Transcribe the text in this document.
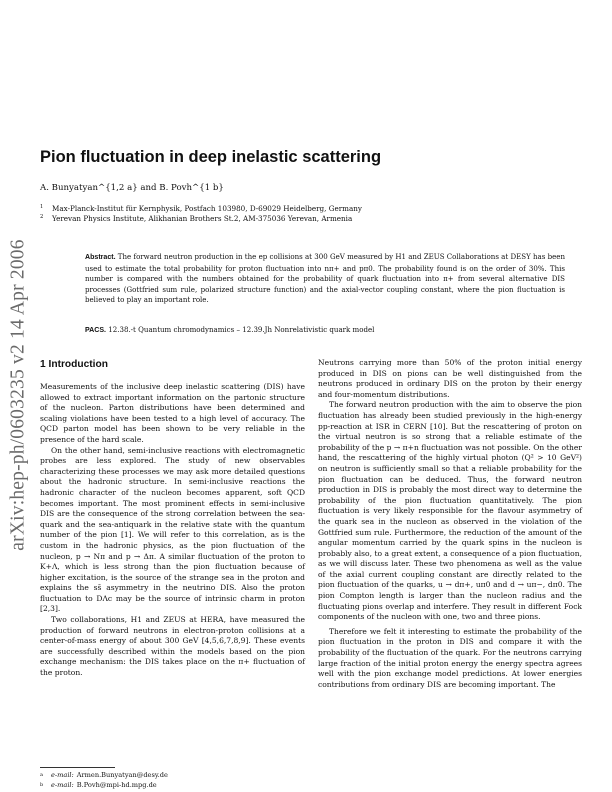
arXiv:hep-ph/0603235 v2 14 Apr 2006
Pion fluctuation in deep inelastic scattering
A. Bunyatyan^{1,2 a} and B. Povh^{1 b}
1	Max-Planck-Institut für Kernphysik, Postfach 103980, D-69029 Heidelberg, Germany
2	Yerevan Physics Institute, Alikhanian Brothers St.2, AM-375036 Yerevan, Armenia

Abstract. The forward neutron production in the ep collisions at 300 GeV measured by H1 and ZEUS Collaborations at DESY has been used to estimate the total probability for proton fluctuation into nπ+ and pπ0. The probability found is on the order of 30%. This number is compared with the numbers obtained for the probability of quark fluctuation into π+ from several alternative DIS processes (Gottfried sum rule, polarized structure function) and the axial-vector coupling constant, where the pion fluctuation is believed to play an important role.

PACS. 12.38.-t Quantum chromodynamics – 12.39.Jh Nonrelativistic quark model
1 Introduction

Measurements of the inclusive deep inelastic scattering (DIS) have allowed to extract important information on the partonic structure of the nucleon. Parton distributions have been determined and scaling violations have been tested to a high level of accuracy. The QCD parton model has been shown to be very reliable in the presence of the hard scale.

On the other hand, semi-inclusive reactions with electromagnetic probes are less explored. The study of new observables characterizing these processes we may ask more detailed questions about the hadronic structure. In semi-inclusive reactions the hadronic character of the nucleon becomes apparent, soft QCD becomes important. The most prominent effects in semi-inclusive DIS are the consequence of the strong correlation between the sea-quark and the sea-antiquark in the relative state with the quantum number of the pion [1]. We will refer to this correlation, as is the custom in the hadronic physics, as the pion fluctuation of the nucleon, p → Nπ and p → Δπ. A similar fluctuation of the proton to K+Λ, which is less strong than the pion fluctuation because of higher excitation, is the source of the strange sea in the proton and explains the ss̄ asymmetry in the neutrino DIS. Also the proton fluctuation to DΛc may be the source of intrinsic charm in proton [2,3].

Two collaborations, H1 and ZEUS at HERA, have measured the production of forward neutrons in electron-proton collisions at a center-of-mass energy of about 300 GeV [4,5,6,7,8,9]. These events are successfully described within the models based on the pion exchange mechanism: the DIS takes place on the π+ fluctuation of the proton.

Neutrons carrying more than 50% of the proton initial energy produced in DIS on pions can be well distinguished from the neutrons produced in ordinary DIS on the proton by their energy and four-momentum distributions.

The forward neutron production with the aim to observe the pion fluctuation has already been studied previously in the high-energy pp-reaction at ISR in CERN [10]. But the rescattering of proton on the virtual neutron is so strong that a reliable estimate of the probability of the p → π+n fluctuation was not possible. On the other hand, the rescattering of the highly virtual photon (Q² > 10 GeV²) on neutron is sufficiently small so that a reliable probability for the pion fluctuation can be deduced. Thus, the forward neutron production in DIS is probably the most direct way to determine the probability of the pion fluctuation quantitatively. The pion fluctuation is very likely responsible for the flavour asymmetry of the quark sea in the nucleon as observed in the violation of the Gottfried sum rule. Furthermore, the reduction of the amount of the angular momentum carried by the quark spins in the nucleon is probably also, to a great extent, a consequence of a pion fluctuation, as we will discuss later. These two phenomena as well as the value of the axial current coupling constant are directly related to the pion fluctuation of the quarks, u → dπ+, uπ0 and d → uπ−, dπ0. The pion Compton length is larger than the nucleon radius and the fluctuating pions overlap and interfere. They result in different Fock components of the nucleon with one, two and three pions.

Therefore we felt it interesting to estimate the probability of the pion fluctuation in the proton in DIS and compare it with the probability of the fluctuation of the quark. For the neutrons carrying large fraction of the initial proton energy the energy spectra agrees well with the pion exchange model predictions. At lower energies contributions from ordinary DIS are becoming important. The

a e-mail: Armen.Bunyatyan@desy.de
b e-mail: B.Povh@mpi-hd.mpg.de
